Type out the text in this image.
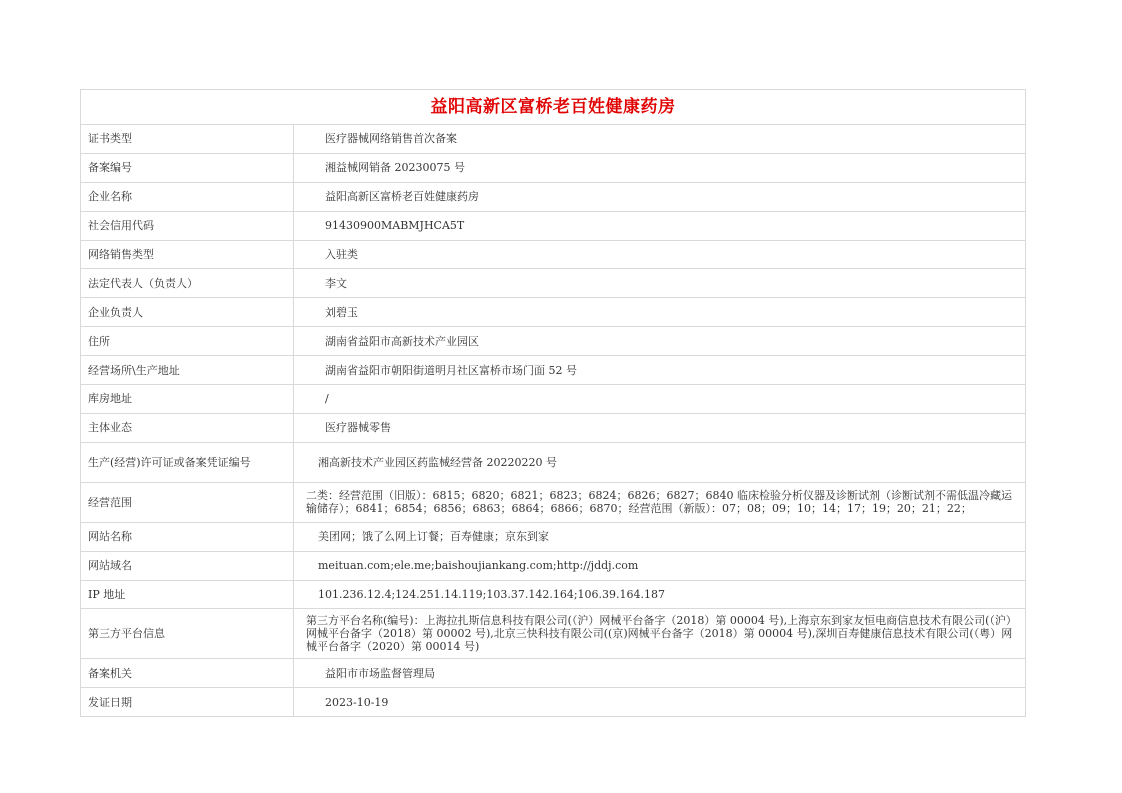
益阳高新区富桥老百姓健康药房	
证书类型	医疗器械网络销售首次备案
备案编号	湘益械网销备 20230075 号
企业名称	益阳高新区富桥老百姓健康药房
社会信用代码	91430900MABMJHCA5T
网络销售类型	入驻类
法定代表人（负责人）	李文
企业负责人	刘碧玉
住所	湖南省益阳市高新技术产业园区
经营场所\生产地址	湖南省益阳市朝阳街道明月社区富桥市场门面 52 号
库房地址	/
主体业态	医疗器械零售
生产(经营)许可证或备案凭证编号	湘高新技术产业园区药监械经营备 20220220 号
经营范围	二类：经营范围（旧版）：6815；6820；6821；6823；6824；6826；6827；6840 临床检验分析仪器及诊断试剂（诊断试剂不需低温冷藏运输储存）；6841；6854；6856；6863；6864；6866；6870；经营范围（新版）：07；08；09；10；14；17；19；20；21；22；
网站名称	美团网；饿了么网上订餐；百寿健康；京东到家
网站域名	meituan.com;ele.me;baishoujiankang.com;http://jddj.com
IP 地址	101.236.12.4;124.251.14.119;103.37.142.164;106.39.164.187
第三方平台信息	第三方平台名称(编号)：上海拉扎斯信息科技有限公司(（沪）网械平台备字（2018）第 00004 号),上海京东到家友恒电商信息技术有限公司(（沪）网械平台备字（2018）第 00002 号),北京三快科技有限公司((京)网械平台备字（2018）第 00004 号),深圳百寿健康信息技术有限公司(（粤）网械平台备字（2020）第 00014 号)
备案机关	益阳市市场监督管理局
发证日期	2023-10-19
